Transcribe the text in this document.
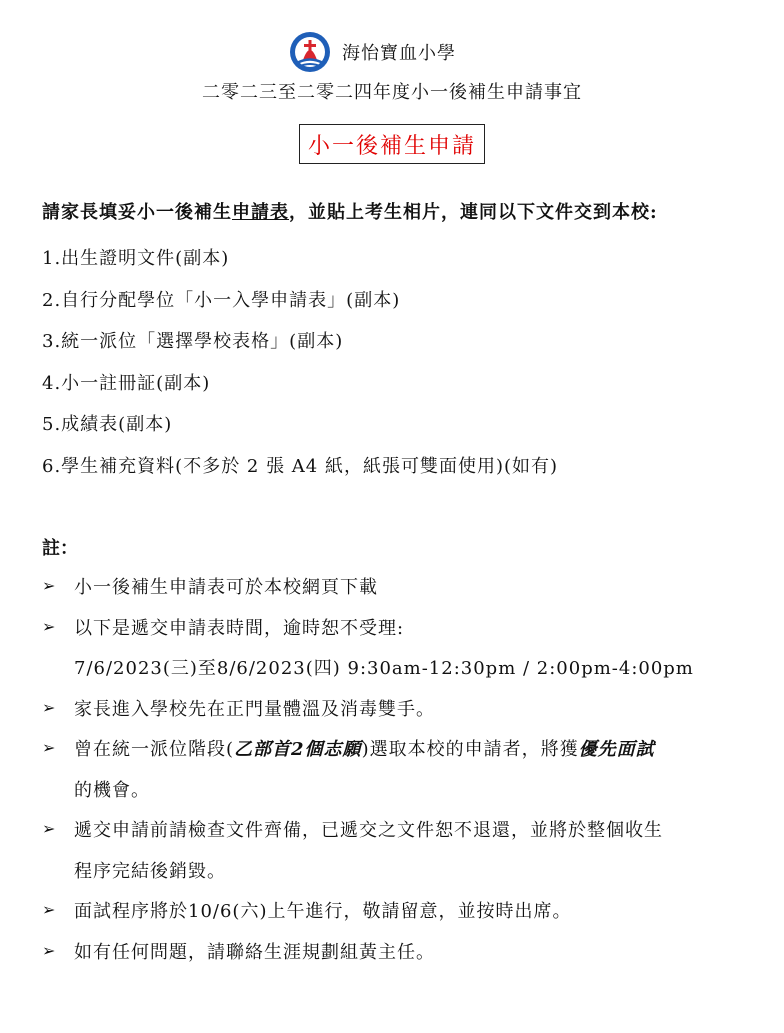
海怡寶血小學
二零二三至二零二四年度小一後補生申請事宜
小一後補生申請
請家長填妥小一後補生申請表，並貼上考生相片，連同以下文件交到本校:
1.出生證明文件(副本)
2.自行分配學位「小一入學申請表」(副本)
3.統一派位「選擇學校表格」(副本)
4.小一註冊証(副本)
5.成績表(副本)
6.學生補充資料(不多於 2 張 A4 紙，紙張可雙面使用)(如有)
註：
➢ 小一後補生申請表可於本校網頁下載
➢ 以下是遞交申請表時間，逾時恕不受理:
7/6/2023(三)至8/6/2023(四) 9:30am-12:30pm / 2:00pm-4:00pm
➢ 家長進入學校先在正門量體溫及消毒雙手。
➢ 曾在統一派位階段(乙部首2個志願)選取本校的申請者，將獲優先面試
的機會。
➢ 遞交申請前請檢查文件齊備，已遞交之文件恕不退還，並將於整個收生
程序完結後銷毀。
➢ 面試程序將於10/6(六)上午進行，敬請留意，並按時出席。
➢ 如有任何問題，請聯絡生涯規劃組黃主任。
